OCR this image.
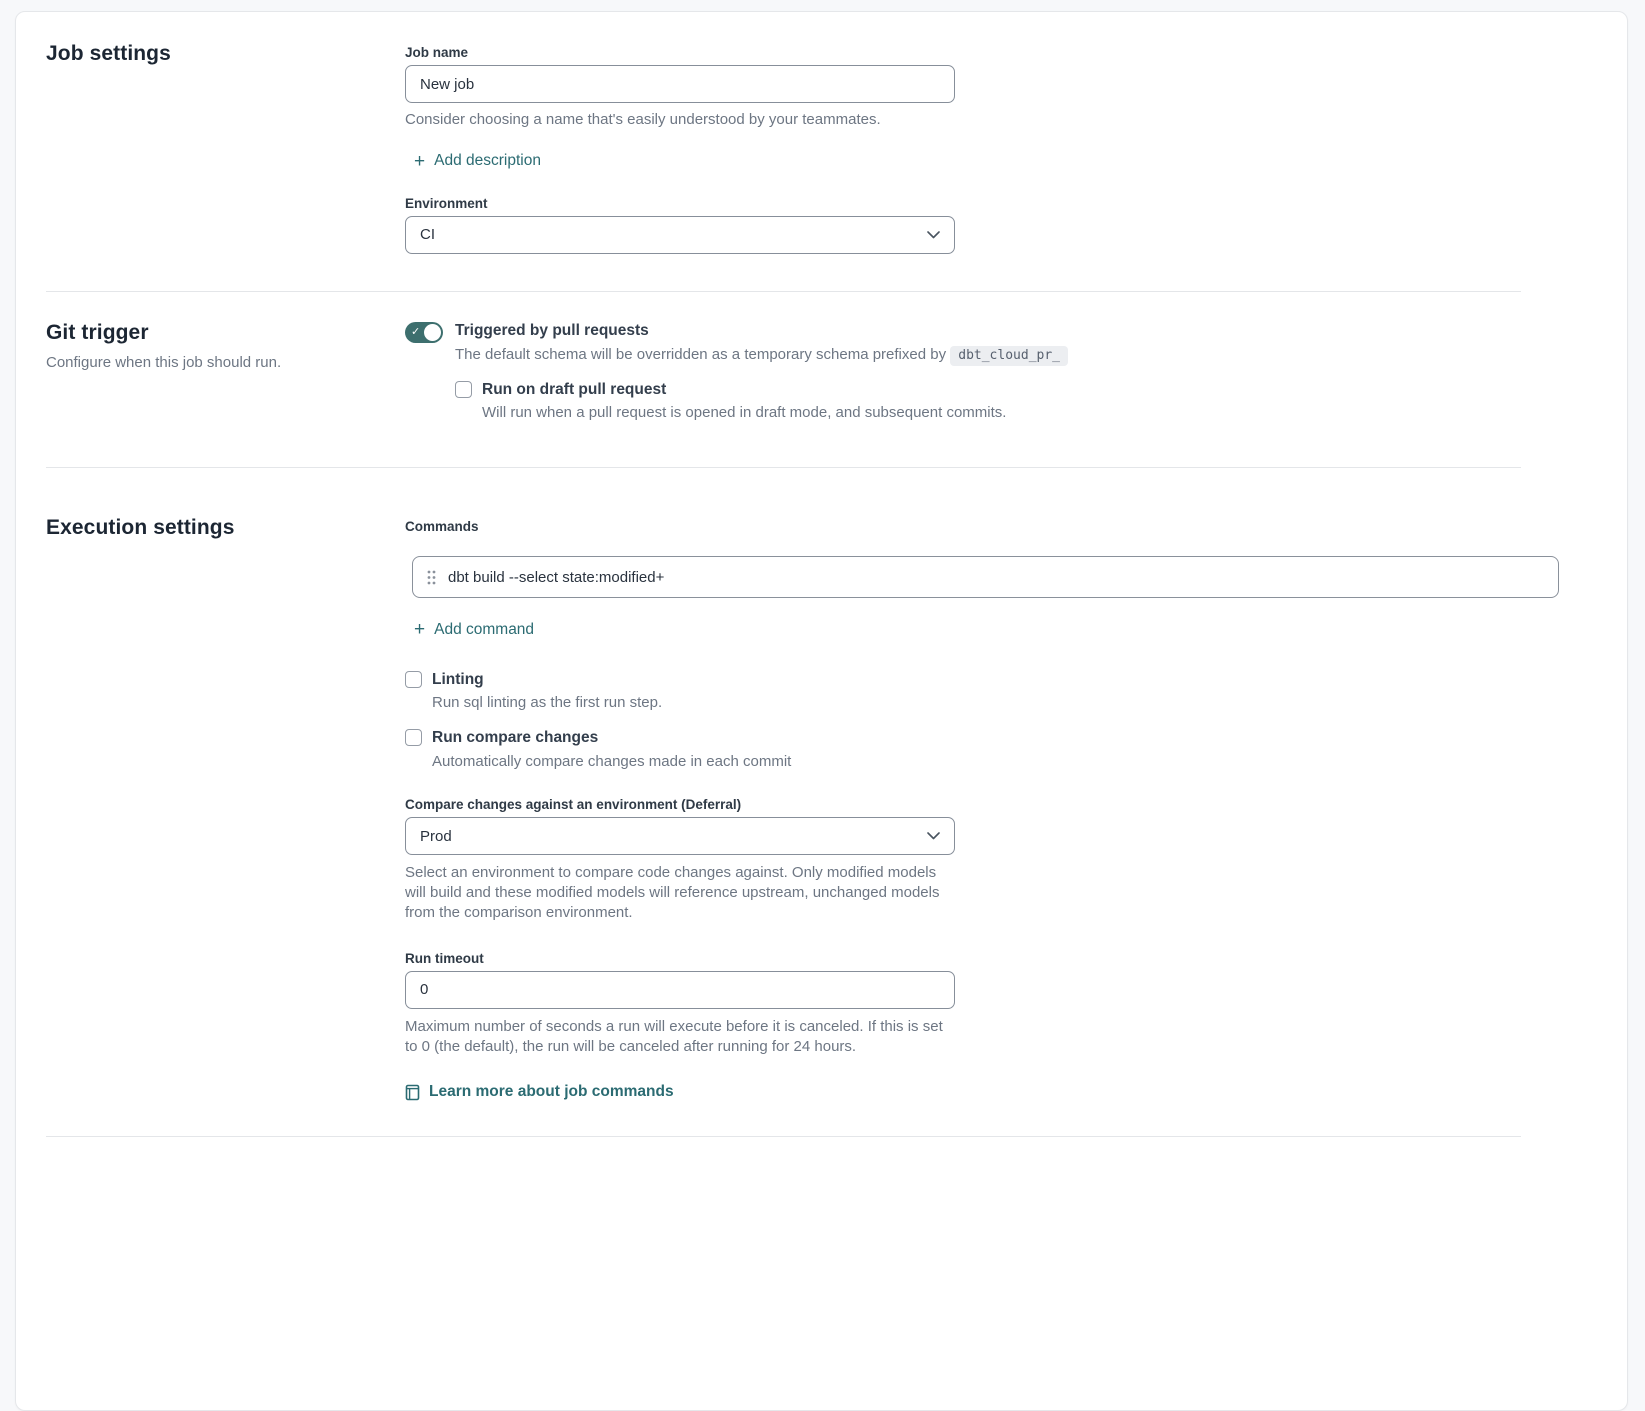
Job settings	Job name
New job
Consider choosing a name that's easily understood by your teammates.
+ Add description
Environment
CI
Git trigger
Configure when this job should run.
✓ Triggered by pull requests
The default schema will be overridden as a temporary schema prefixed by dbt_cloud_pr_
Run on draft pull request
Will run when a pull request is opened in draft mode, and subsequent commits.
Execution settings	Commands
dbt build --select state:modified+
+ Add command
Linting
Run sql linting as the first run step.
Run compare changes
Automatically compare changes made in each commit
Compare changes against an environment (Deferral)
Prod
Select an environment to compare code changes against. Only modified models will build and these modified models will reference upstream, unchanged models from the comparison environment.
Run timeout
0
Maximum number of seconds a run will execute before it is canceled. If this is set to 0 (the default), the run will be canceled after running for 24 hours.
Learn more about job commands
